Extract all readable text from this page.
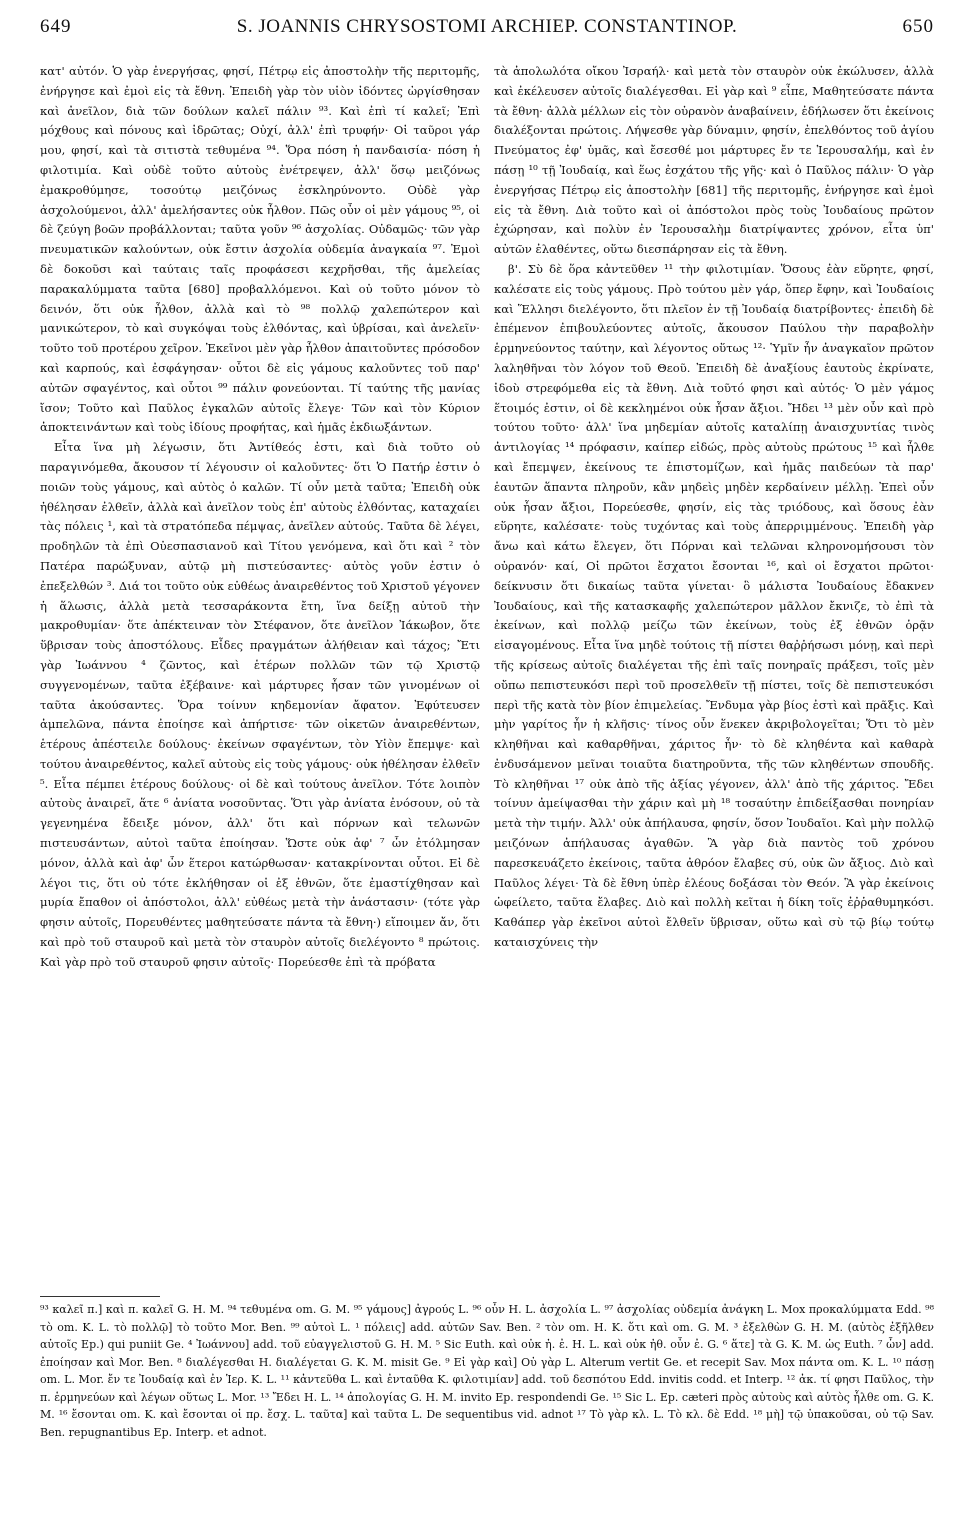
649	S. JOANNIS CHRYSOSTOMI ARCHIEP. CONSTANTINOP.	650

κατ' αὐτόν. Ὁ γὰρ ἐνεργήσας, φησί, Πέτρῳ εἰς ἀποστολὴν τῆς περιτομῆς, ἐνήργησε καὶ ἐμοὶ εἰς τὰ ἔθνη. Ἐπειδὴ γὰρ τὸν υἱὸν ἰδόντες ὠργίσθησαν καὶ ἀνεῖλον, διὰ τῶν δούλων καλεῖ πάλιν ⁹³. Καὶ ἐπὶ τί καλεῖ; Ἐπὶ μόχθους καὶ πόνους καὶ ἱδρῶτας; Οὐχί, ἀλλ' ἐπὶ τρυφήν· Οἱ ταῦροι γάρ μου, φησί, καὶ τὰ σιτιστὰ τεθυμένα ⁹⁴. Ὅρα πόση ἡ πανδαισία· πόση ἡ φιλοτιμία. Καὶ οὐδὲ τοῦτο αὐτοὺς ἐνέτρεψεν, ἀλλ' ὅσῳ μειζόνως ἐμακροθύμησε, τοσούτῳ μειζόνως ἐσκληρύνοντο. Οὐδὲ γὰρ ἀσχολούμενοι, ἀλλ' ἀμελήσαντες οὐκ ἦλθον. Πῶς οὖν οἱ μὲν γάμους ⁹⁵, οἱ δὲ ζεύγη βοῶν προβάλλονται; ταῦτα γοῦν ⁹⁶ ἀσχολίας. Οὐδαμῶς· τῶν γὰρ πνευματικῶν καλούντων, οὐκ ἔστιν ἀσχολία οὐδεμία ἀναγκαία ⁹⁷. Ἐμοὶ δὲ δοκοῦσι καὶ ταύταις ταῖς προφάσεσι κεχρῆσθαι, τῆς ἀμελείας παρακαλύμματα ταῦτα [680] προβαλλόμενοι. Καὶ οὐ τοῦτο μόνον τὸ δεινόν, ὅτι οὐκ ἦλθον, ἀλλὰ καὶ τὸ ⁹⁸ πολλῷ χαλεπώτερον καὶ μανικώτερον, τὸ καὶ συγκόψαι τοὺς ἐλθόντας, καὶ ὑβρίσαι, καὶ ἀνελεῖν· τοῦτο τοῦ προτέρου χεῖρον. Ἐκεῖνοι μὲν γὰρ ἦλθον ἀπαιτοῦντες πρόσοδον καὶ καρπούς, καὶ ἐσφάγησαν· οὗτοι δὲ εἰς γάμους καλοῦντες τοῦ παρ' αὐτῶν σφαγέντος, καὶ οὗτοι ⁹⁹ πάλιν φονεύονται. Τί ταύτης τῆς μανίας ἴσον; Τοῦτο καὶ Παῦλος ἐγκαλῶν αὐτοῖς ἔλεγε· Τῶν καὶ τὸν Κύριον ἀποκτεινάντων καὶ τοὺς ἰδίους προφήτας, καὶ ἡμᾶς ἐκδιωξάντων.

Εἶτα ἵνα μὴ λέγωσιν, ὅτι Ἀντίθεός ἐστι, καὶ διὰ τοῦτο οὐ παραγινόμεθα, ἄκουσον τί λέγουσιν οἱ καλοῦντες· ὅτι Ὁ Πατήρ ἐστιν ὁ ποιῶν τοὺς γάμους, καὶ αὐτὸς ὁ καλῶν. Τί οὖν μετὰ ταῦτα; Ἐπειδὴ οὐκ ἠθέλησαν ἐλθεῖν, ἀλλὰ καὶ ἀνεῖλον τοὺς ἐπ' αὐτοὺς ἐλθόντας, καταχαίει τὰς πόλεις ¹, καὶ τὰ στρατόπεδα πέμψας, ἀνεῖλεν αὐτούς. Ταῦτα δὲ λέγει, προδηλῶν τὰ ἐπὶ Οὐεσπασιανοῦ καὶ Τίτου γενόμενα, καὶ ὅτι καὶ ² τὸν Πατέρα παρώξυναν, αὐτῷ μὴ πιστεύσαντες· αὐτὸς γοῦν ἐστιν ὁ ἐπεξελθών ³. Διά τοι τοῦτο οὐκ εὐθέως ἀναιρεθέντος τοῦ Χριστοῦ γέγονεν ἡ ἅλωσις, ἀλλὰ μετὰ τεσσαράκοντα ἔτη, ἵνα δείξῃ αὐτοῦ τὴν μακροθυμίαν· ὅτε ἀπέκτειναν τὸν Στέφανον, ὅτε ἀνεῖλον Ἰάκωβον, ὅτε ὕβρισαν τοὺς ἀποστόλους. Εἶδες πραγμάτων ἀλήθειαν καὶ τάχος; Ἔτι γὰρ Ἰωάννου ⁴ ζῶντος, καὶ ἑτέρων πολλῶν τῶν τῷ Χριστῷ συγγενομένων, ταῦτα ἐξέβαινε· καὶ μάρτυρες ἦσαν τῶν γινομένων οἱ ταῦτα ἀκούσαντες. Ὅρα τοίνυν κηδεμονίαν ἄφατον. Ἐφύτευσεν ἀμπελῶνα, πάντα ἐποίησε καὶ ἀπήρτισε· τῶν οἰκετῶν ἀναιρεθέντων, ἑτέρους ἀπέστειλε δούλους· ἐκείνων σφαγέντων, τὸν Υἱὸν ἔπεμψε· καὶ τούτου ἀναιρεθέντος, καλεῖ αὐτοὺς εἰς τοὺς γάμους· οὐκ ἠθέλησαν ἐλθεῖν ⁵. Εἶτα πέμπει ἑτέρους δούλους· οἱ δὲ καὶ τούτους ἀνεῖλον. Τότε λοιπὸν αὐτοὺς ἀναιρεῖ, ἅτε ⁶ ἀνίατα νοσοῦντας. Ὅτι γὰρ ἀνίατα ἐνόσουν, οὐ τὰ γεγενημένα ἔδειξε μόνον, ἀλλ' ὅτι καὶ πόρνων καὶ τελωνῶν πιστευσάντων, αὐτοὶ ταῦτα ἐποίησαν. Ὥστε οὐκ ἀφ' ⁷ ὧν ἐτόλμησαν μόνον, ἀλλὰ καὶ ἀφ' ὧν ἕτεροι κατώρθωσαν· κατακρίνονται οὗτοι. Εἰ δὲ λέγοι τις, ὅτι οὐ τότε ἐκλήθησαν οἱ ἐξ ἐθνῶν, ὅτε ἐμαστίχθησαν καὶ μυρία ἔπαθον οἱ ἀπόστολοι, ἀλλ' εὐθέως μετὰ τὴν ἀνάστασιν· (τότε γὰρ φησιν αὐτοῖς, Πορευθέντες μαθητεύσατε πάντα τὰ ἔθνη·) εἴποιμεν ἄν, ὅτι καὶ πρὸ τοῦ σταυροῦ καὶ μετὰ τὸν σταυρὸν αὐτοῖς διελέγοντο ⁸ πρώτοις. Καὶ γὰρ πρὸ τοῦ σταυροῦ φησιν αὐτοῖς· Πορεύεσθε ἐπὶ τὰ πρόβατα

τὰ ἀπολωλότα οἴκου Ἰσραήλ· καὶ μετὰ τὸν σταυρὸν οὐκ ἐκώλυσεν, ἀλλὰ καὶ ἐκέλευσεν αὐτοῖς διαλέγεσθαι. Εἰ γὰρ καὶ ⁹ εἶπε, Μαθητεύσατε πάντα τὰ ἔθνη· ἀλλὰ μέλλων εἰς τὸν οὐρανὸν ἀναβαίνειν, ἐδήλωσεν ὅτι ἐκείνοις διαλέξονται πρώτοις. Λήψεσθε γὰρ δύναμιν, φησίν, ἐπελθόντος τοῦ ἁγίου Πνεύματος ἐφ' ὑμᾶς, καὶ ἔσεσθέ μοι μάρτυρες ἔν τε Ἱερουσαλήμ, καὶ ἐν πάσῃ ¹⁰ τῇ Ἰουδαίᾳ, καὶ ἕως ἐσχάτου τῆς γῆς· καὶ ὁ Παῦλος πάλιν· Ὁ γὰρ ἐνεργήσας Πέτρῳ εἰς ἀποστολὴν [681] τῆς περιτομῆς, ἐνήργησε καὶ ἐμοὶ εἰς τὰ ἔθνη. Διὰ τοῦτο καὶ οἱ ἀπόστολοι πρὸς τοὺς Ἰουδαίους πρῶτον ἐχώρησαν, καὶ πολὺν ἐν Ἱερουσαλὴμ διατρίψαντες χρόνον, εἶτα ὑπ' αὐτῶν ἐλαθέντες, οὕτω διεσπάρησαν εἰς τὰ ἔθνη.

β'. Σὺ δὲ ὅρα κἀντεῦθεν ¹¹ τὴν φιλοτιμίαν. Ὅσους ἐὰν εὕρητε, φησί, καλέσατε εἰς τοὺς γάμους. Πρὸ τούτου μὲν γάρ, ὅπερ ἔφην, καὶ Ἰουδαίοις καὶ Ἕλλησι διελέγοντο, ὅτι πλεῖον ἐν τῇ Ἰουδαίᾳ διατρίβοντες· ἐπειδὴ δὲ ἐπέμενον ἐπιβουλεύοντες αὐτοῖς, ἄκουσον Παύλου τὴν παραβολὴν ἑρμηνεύοντος ταύτην, καὶ λέγοντος οὕτως ¹²· Ὑμῖν ἦν ἀναγκαῖον πρῶτον λαληθῆναι τὸν λόγον τοῦ Θεοῦ. Ἐπειδὴ δὲ ἀναξίους ἑαυτοὺς ἐκρίνατε, ἰδοὺ στρεφόμεθα εἰς τὰ ἔθνη. Διὰ τοῦτό φησι καὶ αὐτός· Ὁ μὲν γάμος ἕτοιμός ἐστιν, οἱ δὲ κεκλημένοι οὐκ ἦσαν ἄξιοι. Ἤδει ¹³ μὲν οὖν καὶ πρὸ τούτου τοῦτο· ἀλλ' ἵνα μηδεμίαν αὐτοῖς καταλίπῃ ἀναισχυντίας τινὸς ἀντιλογίας ¹⁴ πρόφασιν, καίπερ εἰδώς, πρὸς αὐτοὺς πρώτους ¹⁵ καὶ ἦλθε καὶ ἔπεμψεν, ἐκείνους τε ἐπιστομίζων, καὶ ἡμᾶς παιδεύων τὰ παρ' ἑαυτῶν ἅπαντα πληροῦν, κἂν μηδεὶς μηδὲν κερδαίνειν μέλλῃ. Ἐπεὶ οὖν οὐκ ἦσαν ἄξιοι, Πορεύεσθε, φησίν, εἰς τὰς τριόδους, καὶ ὅσους ἐὰν εὕρητε, καλέσατε· τοὺς τυχόντας καὶ τοὺς ἀπερριμμένους. Ἐπειδὴ γὰρ ἄνω καὶ κάτω ἔλεγεν, ὅτι Πόρναι καὶ τελῶναι κληρονομήσουσι τὸν οὐρανόν· καί, Οἱ πρῶτοι ἔσχατοι ἔσονται ¹⁶, καὶ οἱ ἔσχατοι πρῶτοι· δείκνυσιν ὅτι δικαίως ταῦτα γίνεται· ὃ μάλιστα Ἰουδαίους ἔδακνεν Ἰουδαίους, καὶ τῆς κατασκαφῆς χαλεπώτερον μᾶλλον ἔκνιζε, τὸ ἐπὶ τὰ ἐκείνων, καὶ πολλῷ μείζω τῶν ἐκείνων, τοὺς ἐξ ἐθνῶν ὁρᾷν εἰσαγομένους. Εἶτα ἵνα μηδὲ τούτοις τῇ πίστει θαῤῥήσωσι μόνῃ, καὶ περὶ τῆς κρίσεως αὐτοῖς διαλέγεται τῆς ἐπὶ ταῖς πονηραῖς πράξεσι, τοῖς μὲν οὔπω πεπιστευκόσι περὶ τοῦ προσελθεῖν τῇ πίστει, τοῖς δὲ πεπιστευκόσι περὶ τῆς κατὰ τὸν βίον ἐπιμελείας. Ἔνδυμα γὰρ βίος ἐστὶ καὶ πρᾶξις. Καὶ μὴν γαρίτος ἦν ἡ κλῆσις· τίνος οὖν ἕνεκεν ἀκριβολογεῖται; Ὅτι τὸ μὲν κληθῆναι καὶ καθαρθῆναι, χάριτος ἦν· τὸ δὲ κληθέντα καὶ καθαρὰ ἐνδυσάμενον μεῖναι τοιαῦτα διατηροῦντα, τῆς τῶν κληθέντων σπουδῆς. Τὸ κληθῆναι ¹⁷ οὐκ ἀπὸ τῆς ἀξίας γέγονεν, ἀλλ' ἀπὸ τῆς χάριτος. Ἔδει τοίνυν ἀμείψασθαι τὴν χάριν καὶ μὴ ¹⁸ τοσαύτην ἐπιδείξασθαι πονηρίαν μετὰ τὴν τιμήν. Ἀλλ' οὐκ ἀπήλαυσα, φησίν, ὅσον Ἰουδαῖοι. Καὶ μὴν πολλῷ μειζόνων ἀπήλαυσας ἀγαθῶν. Ἃ γὰρ διὰ παντὸς τοῦ χρόνου παρεσκευάζετο ἐκείνοις, ταῦτα ἀθρόον ἔλαβες σύ, οὐκ ὢν ἄξιος. Διὸ καὶ Παῦλος λέγει· Τὰ δὲ ἔθνη ὑπὲρ ἐλέους δοξάσαι τὸν Θεόν. Ἃ γὰρ ἐκείνοις ὠφείλετο, ταῦτα ἔλαβες. Διὸ καὶ πολλὴ κεῖται ἡ δίκη τοῖς ἐῤῥαθυμηκόσι. Καθάπερ γὰρ ἐκεῖνοι αὐτοὶ ἔλθεῖν ὕβρισαν, οὕτω καὶ σὺ τῷ βίῳ τούτῳ καταισχύνεις τὴν

⁹³ καλεῖ π.] καὶ π. καλεῖ G. H. M. ⁹⁴ τεθυμένα om. G. M. ⁹⁵ γάμους] ἀγρούς L. ⁹⁶ οὖν H. L. ἀσχολία L. ⁹⁷ ἀσχολίας οὐδεμία ἀνάγκη L. Mox προκαλύμματα Edd. ⁹⁸ τὸ om. K. L. τὸ πολλῷ] τὸ τοῦτο Mor. Ben. ⁹⁹ αὐτοὶ L. ¹ πόλεις] add. αὐτῶν Sav. Ben. ² τὸν om. H. K. ὅτι καὶ om. G. M. ³ ἐξελθὼν G. H. M. (αὐτὸς ἐξῆλθεν αὐτοῖς Ep.) qui puniit Ge. ⁴ Ἰωάννου] add. τοῦ εὐαγγελιστοῦ G. H. M. ⁵ Sic Euth. καὶ οὐκ ἠ. ἐ. H. L. καὶ οὐκ ἠθ. οὖν ἐ. G. ⁶ ἅτε] τὰ G. K. M. ὡς Euth. ⁷ ὧν] add. ἐποίησαν καὶ Mor. Ben. ⁸ διαλέγεσθαι H. διαλέγεται G. K. M. misit Ge. ⁹ Εἰ γὰρ καὶ] Οὐ γὰρ L. Alterum vertit Ge. et recepit Sav. Mox πάντα om. K. L. ¹⁰ πάσῃ om. L. Mor. ἔν τε Ἰουδαίᾳ καὶ ἐν Ἱερ. K. L. ¹¹ κἀντεῦθα L. καὶ ἐνταῦθα K. φιλοτιμίαν] add. τοῦ δεσπότου Edd. invitis codd. et Interp. ¹² ἀκ. τί φησι Παῦλος, τὴν π. ἑρμηνεύων καὶ λέγων οὕτως L. Mor. ¹³ Ἔδει H. L. ¹⁴ ἀπολογίας G. H. M. invito Ep. respondendi Ge. ¹⁵ Sic L. Ep. cæteri πρὸς αὐτοὺς καὶ αὐτὸς ἦλθε om. G. K. M. ¹⁶ ἔσονται om. K. καὶ ἔσονται οἱ πρ. ἔσχ. L. ταῦτα] καὶ ταῦτα L. De sequentibus vid. adnot ¹⁷ Τὸ γὰρ κλ. L. Τὸ κλ. δὲ Edd. ¹⁸ μὴ] τῷ ὑπακοῦσαι, οὐ τῷ Sav. Ben. repugnantibus Ep. Interp. et adnot.
